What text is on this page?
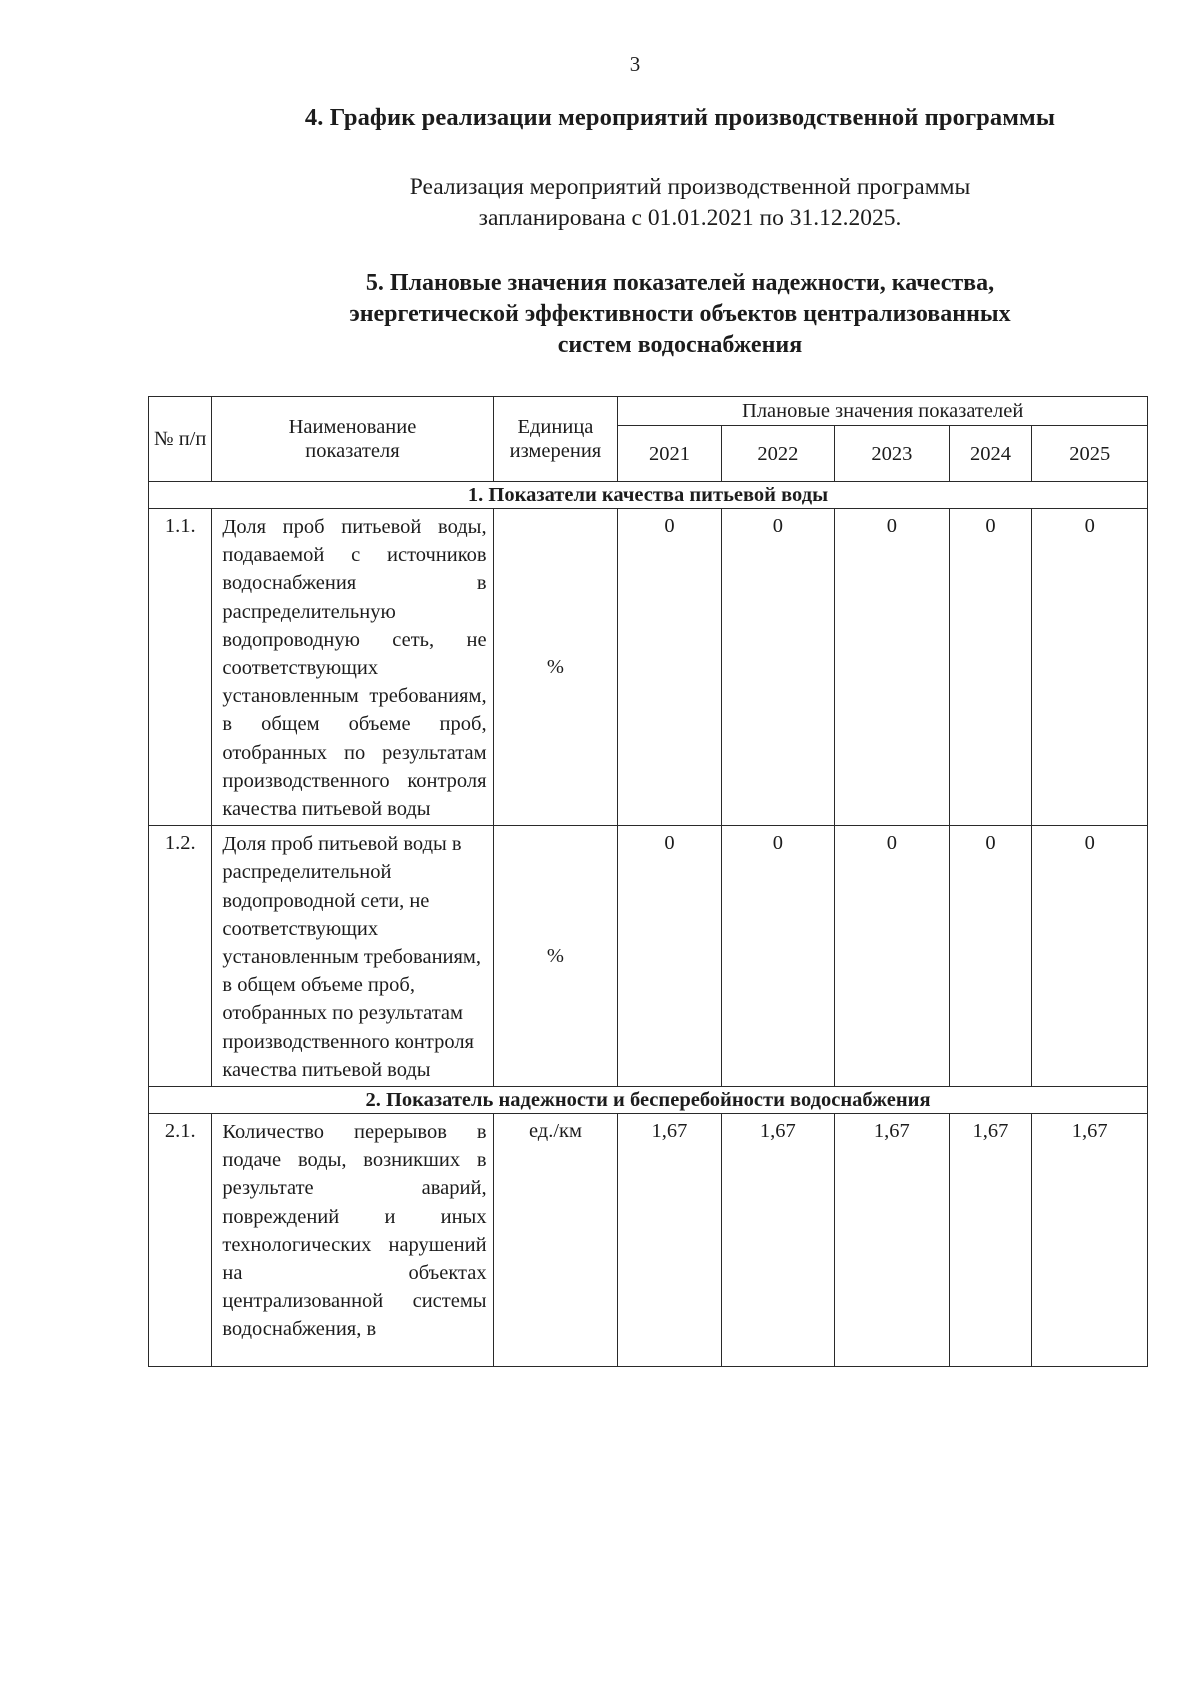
3
4. График реализации мероприятий производственной программы
Реализация мероприятий производственной программы
запланирована с 01.01.2021 по 31.12.2025.
5. Плановые значения показателей надежности, качества,
энергетической эффективности объектов централизованных
систем водоснабжения
№ п/п	Наименование показателя	Единица измерения	Плановые значения показателей				
			2021	2022	2023	2024	2025
1. Показатели качества питьевой воды							
1.1.	Доля проб питьевой воды, подаваемой с источников водоснабжения в распределительную водопроводную сеть, не соответствующих установленным требованиям, в общем объеме проб, отобранных по результатам производственного контроля качества питьевой воды	%	0	0	0	0	0
1.2.	Доля проб питьевой воды в распределительной водопроводной сети, не соответствующих установленным требованиям, в общем объеме проб, отобранных по результатам производственного контроля качества питьевой воды	%	0	0	0	0	0
2. Показатель надежности и бесперебойности водоснабжения							
2.1.	Количество перерывов в подаче воды, возникших в результате аварий, повреждений и иных технологических нарушений на объектах централизованной системы водоснабжения, в	ед./км	1,67	1,67	1,67	1,67	1,67
